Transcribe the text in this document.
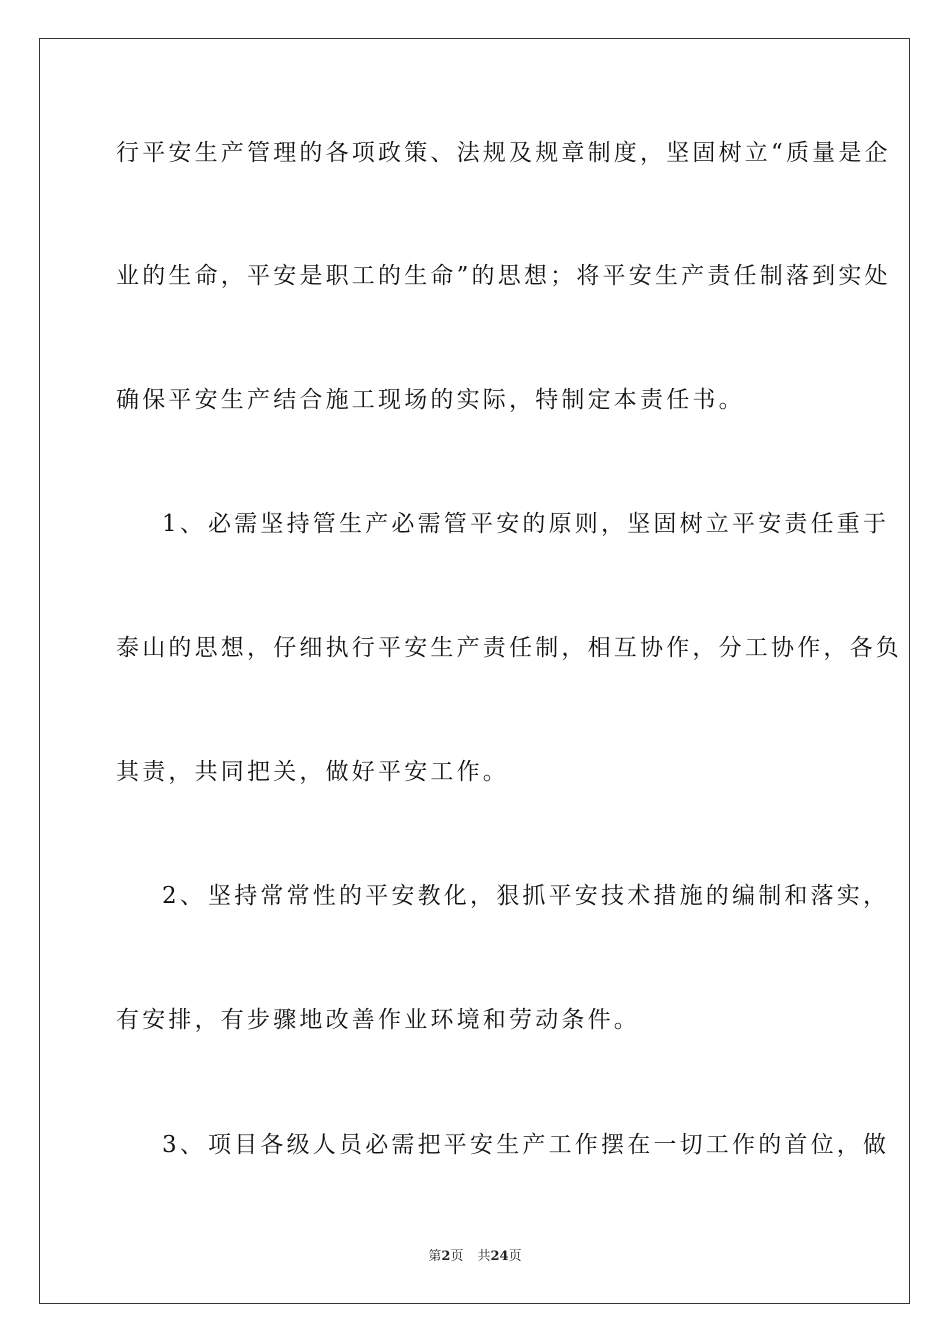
行平安生产管理的各项政策、法规及规章制度，坚固树立“质量是企
业的生命，平安是职工的生命”的思想；将平安生产责任制落到实处
确保平安生产结合施工现场的实际，特制定本责任书。
1、必需坚持管生产必需管平安的原则，坚固树立平安责任重于
泰山的思想，仔细执行平安生产责任制，相互协作，分工协作，各负
其责，共同把关，做好平安工作。
2、坚持常常性的平安教化，狠抓平安技术措施的编制和落实，
有安排，有步骤地改善作业环境和劳动条件。
3、项目各级人员必需把平安生产工作摆在一切工作的首位，做
第2页 共24页
